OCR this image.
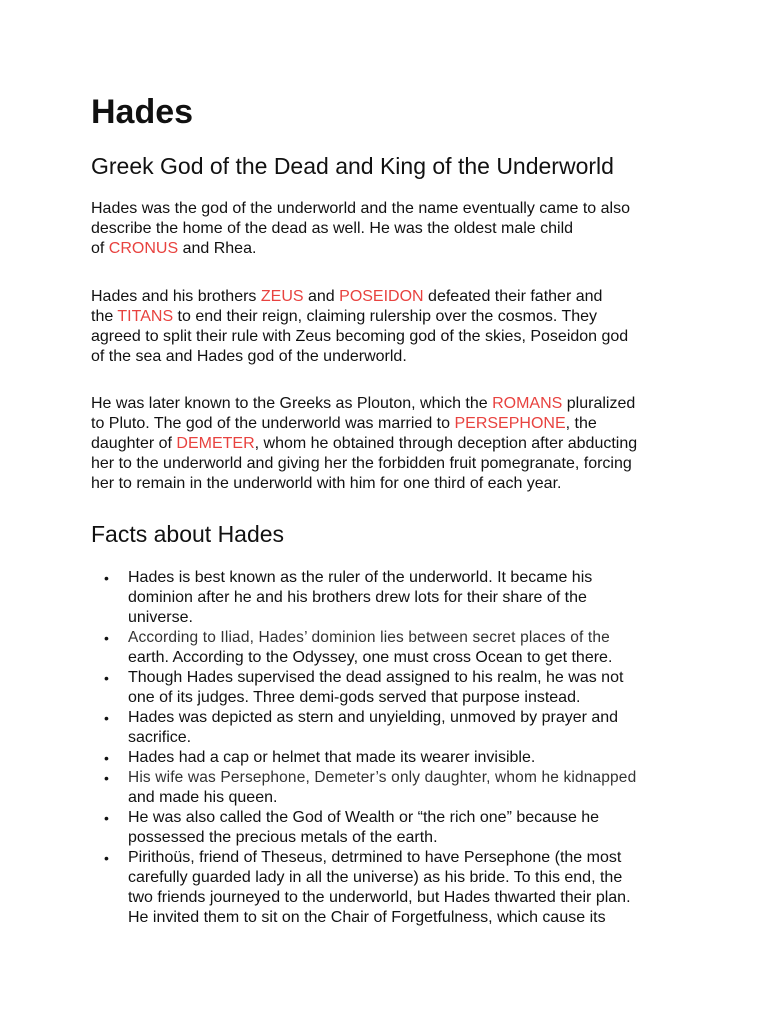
Hades
Greek God of the Dead and King of the Underworld
Hades was the god of the underworld and the name eventually came to also
describe the home of the dead as well. He was the oldest male child
of CRONUS and Rhea.
Hades and his brothers ZEUS and POSEIDON defeated their father and
the TITANS to end their reign, claiming rulership over the cosmos. They
agreed to split their rule with Zeus becoming god of the skies, Poseidon god
of the sea and Hades god of the underworld.
He was later known to the Greeks as Plouton, which the ROMANS pluralized
to Pluto. The god of the underworld was married to PERSEPHONE, the
daughter of DEMETER, whom he obtained through deception after abducting
her to the underworld and giving her the forbidden fruit pomegranate, forcing
her to remain in the underworld with him for one third of each year.
Facts about Hades
• Hades is best known as the ruler of the underworld. It became his
dominion after he and his brothers drew lots for their share of the
universe.
• According to Iliad, Hades’ dominion lies between secret places of the
earth. According to the Odyssey, one must cross Ocean to get there.
• Though Hades supervised the dead assigned to his realm, he was not
one of its judges. Three demi-gods served that purpose instead.
• Hades was depicted as stern and unyielding, unmoved by prayer and
sacrifice.
• Hades had a cap or helmet that made its wearer invisible.
• His wife was Persephone, Demeter’s only daughter, whom he kidnapped
and made his queen.
• He was also called the God of Wealth or “the rich one” because he
possessed the precious metals of the earth.
• Pirithoüs, friend of Theseus, detrmined to have Persephone (the most
carefully guarded lady in all the universe) as his bride. To this end, the
two friends journeyed to the underworld, but Hades thwarted their plan.
He invited them to sit on the Chair of Forgetfulness, which cause its
